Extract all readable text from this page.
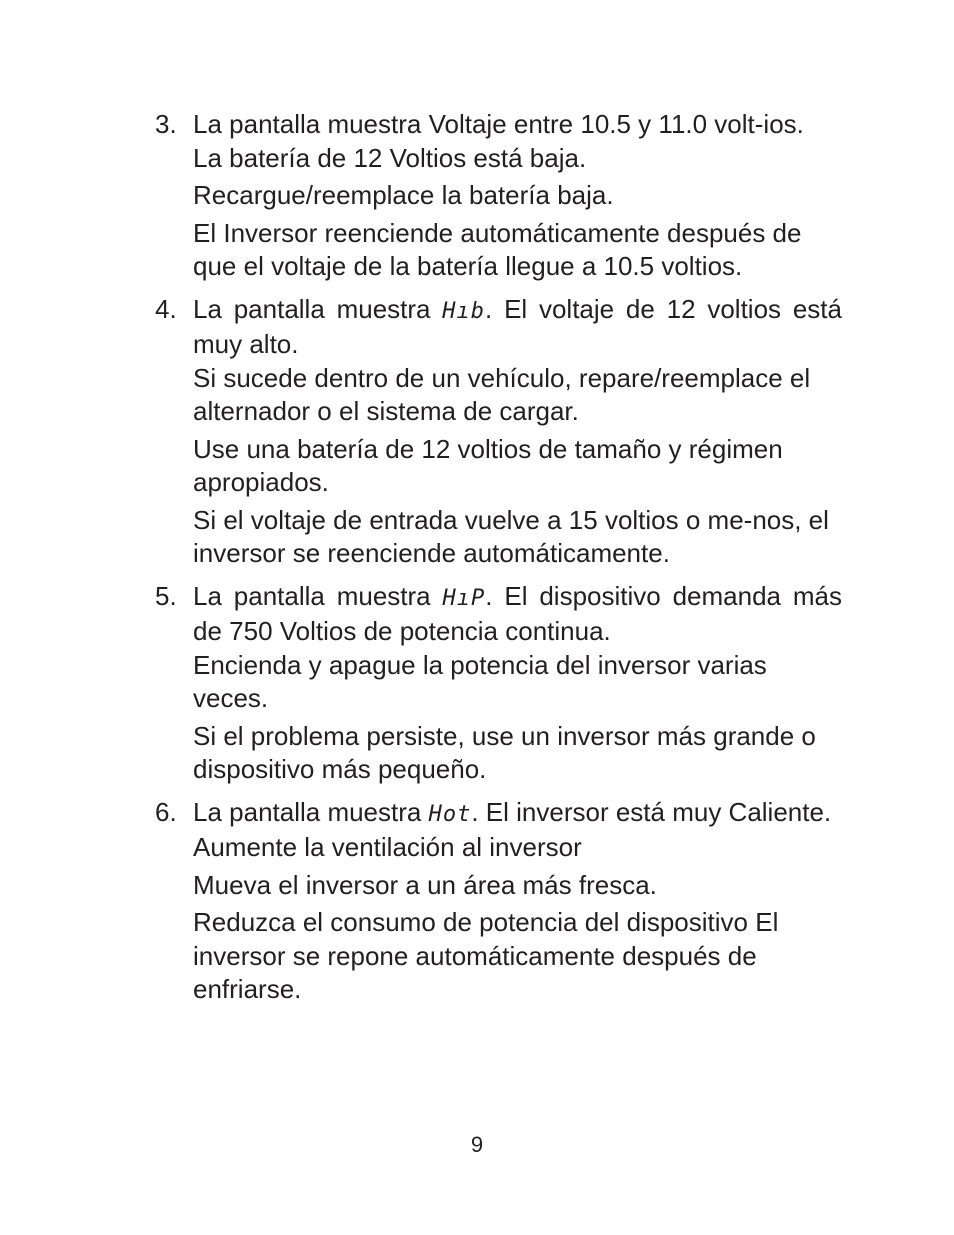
3. La pantalla muestra Voltaje entre 10.5 y 11.0 volt-ios.

La batería de 12 Voltios está baja.

Recargue/reemplace la batería baja.

El Inversor reenciende automáticamente después de que el voltaje de la batería llegue a 10.5 voltios.

4. La pantalla muestra Hıb. El voltaje de 12 voltios está muy alto.

Si sucede dentro de un vehículo, repare/reemplace el alternador o el sistema de cargar.

Use una batería de 12 voltios de tamaño y régimen apropiados.

Si el voltaje de entrada vuelve a 15 voltios o me-nos, el inversor se reenciende automáticamente.

5. La pantalla muestra HıP. El dispositivo demanda más de 750 Voltios de potencia continua.

Encienda y apague la potencia del inversor varias veces.

Si el problema persiste, use un inversor más grande o dispositivo más pequeño.

6. La pantalla muestra Hot. El inversor está muy Caliente.

Aumente la ventilación al inversor

Mueva el inversor a un área más fresca.

Reduzca el consumo de potencia del dispositivo El inversor se repone automáticamente después de enfriarse.

9
